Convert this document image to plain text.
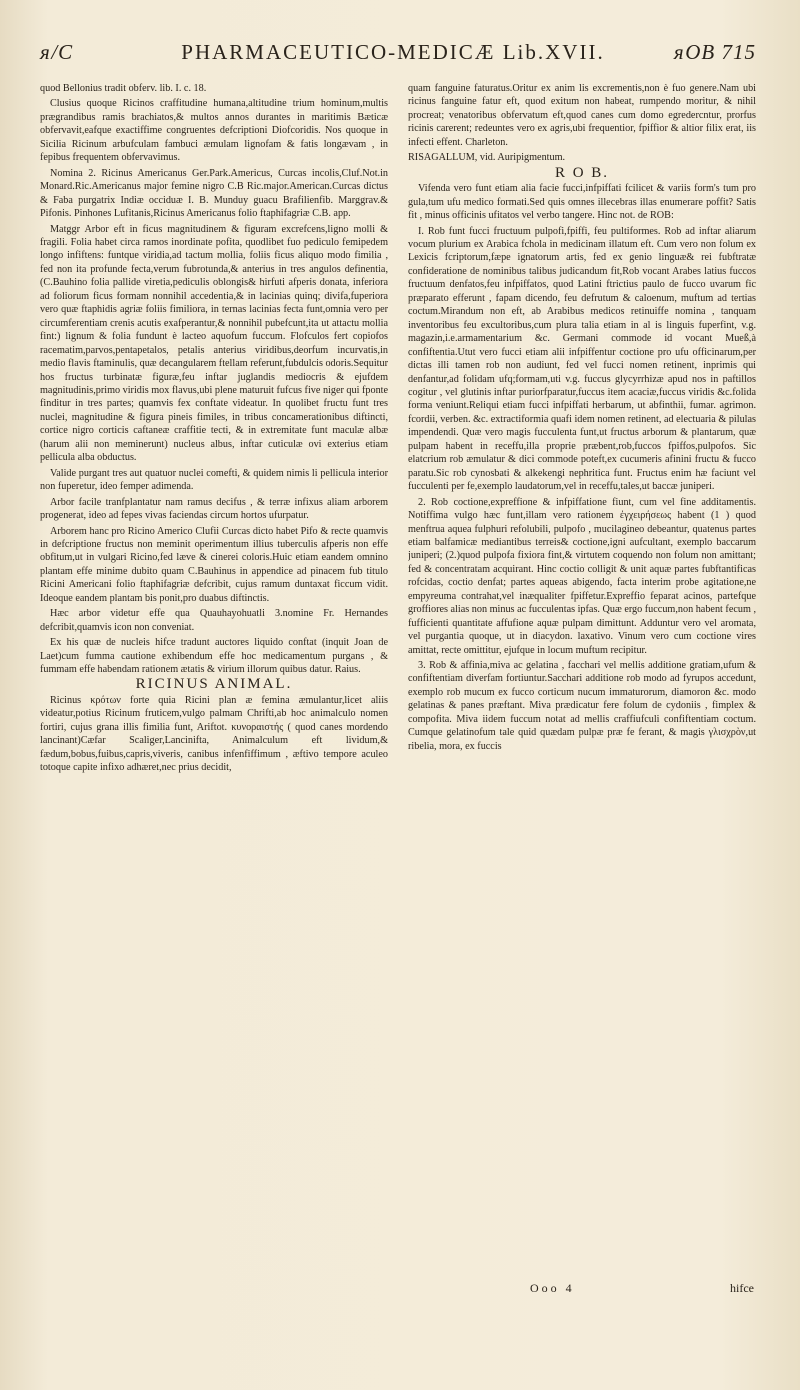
ᴙ/C	PHARMACEUTICO-MEDICÆ Lib.XVII.	ᴙOB 715

quod Bellonius tradit obferv. lib. I. c. 18.

Clusius quoque Ricinos craffitudine humana,altitudine trium hominum,multis prægrandibus ramis brachiatos,& multos annos durantes in maritimis Bæticæ obfervavit,eafque exactiffime congruentes defcriptioni Diofcoridis. Nos quoque in Sicilia Ricinum arbufculam fambuci æmulam lignofam & fatis longævam , in fepibus frequentem obfervavimus.

Nomina 2. Ricinus Americanus Ger.Park.Americus, Curcas incolis,Cluf.Not.in Monard.Ric.Americanus major femine nigro C.B Ric.major.American.Curcas dictus & Faba purgatrix Indiæ occiduæ I. B. Munduy guacu Brafilienfib. Marggrav.& Pifonis. Pinhones Lufitanis,Ricinus Americanus folio ftaphifagriæ C.B. app.

Matggr Arbor eft in ficus magnitudinem & figuram excrefcens,ligno molli & fragili. Folia habet circa ramos inordinate pofita, quodlibet fuo pediculo femipedem longo infiftens: funtque viridia,ad tactum mollia, foliis ficus aliquo modo fimilia , fed non ita profunde fecta,verum fubrotunda,& anterius in tres angulos definentia,(C.Bauhino folia pallide viretia,pediculis oblongis& hirfuti afperis donata, inferiora ad foliorum ficus formam nonnihil accedentia,& in lacinias quinq; divifa,fuperiora vero quæ ftaphidis agriæ foliis fimiliora, in ternas lacinias fecta funt,omnia vero per circumferentiam crenis acutis exafperantur,& nonnihil pubefcunt,ita ut attactu mollia fint:) lignum & folia fundunt è lacteo aquofum fuccum. Flofculos fert copiofos racematim,parvos,pentapetalos, petalis anterius viridibus,deorfum incurvatis,in medio flavis ftaminulis, quæ decangularem ftellam referunt,fubdulcis odoris.Sequitur hos fructus turbinatæ figuræ,feu inftar juglandis mediocris & ejufdem magnitudinis,primo viridis mox flavus,ubi plene maturuit fufcus five niger qui fponte finditur in tres partes; quamvis fex conftate videatur. In quolibet fructu funt tres nuclei, magnitudine & figura pineis fimiles, in tribus concamerationibus diftincti, cortice nigro corticis caftaneæ craffitie tecti, & in extremitate funt maculæ albæ (harum alii non meminerunt) nucleus albus, inftar cuticulæ ovi exterius etiam pellicula alba obductus.

Valide purgant tres aut quatuor nuclei comefti, & quidem nimis li pellicula interior non fuperetur, ideo femper adimenda.

Arbor facile tranfplantatur nam ramus decifus , & terræ infixus aliam arborem progenerat, ideo ad fepes vivas faciendas circum hortos ufurpatur.

Arborem hanc pro Ricino Americo Clufii Curcas dicto habet Pifo & recte quamvis in defcriptione fructus non meminit operimentum illius tuberculis afperis non effe obfitum,ut in vulgari Ricino,fed læve & cinerei coloris.Huic etiam eandem omnino plantam effe minime dubito quam C.Bauhinus in appendice ad pinacem fub titulo Ricini Americani folio ftaphifagriæ defcribit, cujus ramum duntaxat ficcum vidit. Ideoque eandem plantam bis ponit,pro duabus diftinctis.

Hæc arbor videtur effe qua Quauhayohuatli 3.nomine Fr. Hernandes defcribit,quamvis icon non conveniat.

Ex his quæ de nucleis hifce tradunt auctores liquido conftat (inquit Joan de Laet)cum fumma cautione exhibendum effe hoc medicamentum purgans , & fummam effe habendam rationem ætatis & virium illorum quibus datur. Raius.

RICINUS ANIMAL.

Ricinus κρότων forte quia Ricini plan æ femina æmulantur,licet aliis videatur,potius Ricinum fruticem,vulgo palmam Chrifti,ab hoc animalculo nomen fortiri, cujus grana illis fimilia funt, Ariftot. κυνοραιστής ( quod canes mordendo lancinant)Cæfar Scaliger,Lancinifta, Animalculum eft lividum,& fædum,bobus,fuibus,capris,viveris, canibus infenfiffimum , æftivo tempore aculeo totoque capite infixo adhæret,nec prius decidit,

quam fanguine faturatus.Oritur ex anim lis excrementis,non è fuo genere.Nam ubi ricinus fanguine fatur eft, quod exitum non habeat, rumpendo moritur, & nihil procreat; venatoribus obfervatum eft,quod canes cum domo egredercntur, prorfus ricinis carerent; redeuntes vero ex agris,ubi frequentior, fpiffior & altior filix erat, iis infecti effent. Charleton.

RISAGALLUM, vid. Auripigmentum.

R O B.

Vifenda vero funt etiam alia facie fucci,infpiffati fcilicet & variis form's tum pro gula,tum ufu medico formati.Sed quis omnes illecebras illas enumerare poffit? Satis fit , minus officinis ufitatos vel verbo tangere. Hinc not. de ROB:

I. Rob funt fucci fructuum pulpofi,fpiffi, feu pultiformes. Rob ad inftar aliarum vocum plurium ex Arabica fchola in medicinam illatum eft. Cum vero non folum ex Lexicis fcriptorum,fæpe ignatorum artis, fed ex genio linguæ& rei fubftratæ confideratione de nominibus talibus judicandum fit,Rob vocant Arabes latius fuccos fructuum denfatos,feu infpiffatos, quod Latini ftrictius paulo de fucco uvarum fic præparato efferunt , fapam dicendo, feu defrutum & caloenum, muftum ad tertias coctum.Mirandum non eft, ab Arabibus medicos retinuiffe nomina , tanquam inventoribus feu excultoribus,cum plura talia etiam in al is linguis fuperfint, v.g. magazin,i.e.armamentarium &c. Germani commode id vocant Mueß,à confiftentia.Utut vero fucci etiam alii infpiffentur coctione pro ufu officinarum,per dictas illi tamen rob non audiunt, fed vel fucci nomen retinent, inprimis qui denfantur,ad folidam ufq;formam,uti v.g. fuccus glycyrrhizæ apud nos in paftillos cogitur , vel glutinis inftar puriorfparatur,fuccus item acaciæ,fuccus viridis &c.folida forma veniunt.Reliqui etiam fucci infpiffati herbarum, ut abfinthii, fumar. agrimon. fcordii, verben. &c. extractiformia quafi idem nomen retinent, ad electuaria & pilulas impendendi. Quæ vero magis fucculenta funt,ut fructus arborum & plantarum, quæ pulpam habent in receffu,illa proprie præbent,rob,fuccos fpiffos,pulpofos. Sic elatcrium rob æmulatur & dici commode poteft,ex cucumeris afinini fructu & fucco paratu.Sic rob cynosbati & alkekengi nephritica funt. Fructus enim hæ faciunt vel fucculenti per fe,exemplo laudatorum,vel in receffu,tales,ut baccæ juniperi.

2. Rob coctione,expreffione & infpiffatione fiunt, cum vel fine additamentis. Notiffima vulgo hæc funt,illam vero rationem ἐγχειρήσεως habent (1 ) quod menftrua aquea fulphuri refolubili, pulpofo , mucilagineo debeantur, quatenus partes etiam balfamicæ mediantibus terreis& coctione,igni aufcultant, exemplo baccarum juniperi; (2.)quod pulpofa fixiora fint,& virtutem coquendo non folum non amittant; fed & concentratam acquirant. Hinc coctio colligit & unit aquæ partes fubftantificas rofcidas, coctio denfat; partes aqueas abigendo, facta interim probe agitatione,ne empyreuma contrahat,vel inæqualiter fpiffetur.Expreffio feparat acinos, partefque groffiores alias non minus ac fucculentas ipfas. Quæ ergo fuccum,non habent fecum , fufficienti quantitate affufione aquæ pulpam dimittunt. Adduntur vero vel aromata, vel purgantia quoque, ut in diacydon. laxativo. Vinum vero cum coctione vires amittat, recte omittitur, ejufque in locum muftum recipitur.

3. Rob & affinia,miva ac gelatina , facchari vel mellis additione gratiam,ufum & confiftentiam diverfam fortiuntur.Sacchari additione rob modo ad fyrupos accedunt, exemplo rob mucum ex fucco corticum nucum immaturorum, diamoron &c. modo gelatinas & panes præftant. Miva prædicatur fere folum de cydoniis , fimplex & compofita. Miva iidem fuccum notat ad mellis craffiufculi confiftentiam coctum. Cumque gelatinofum tale quid quædam pulpæ præ fe ferant, & magis γλισχρὸν,ut ribelia, mora, ex fuccis

Ooo 4	hifce
